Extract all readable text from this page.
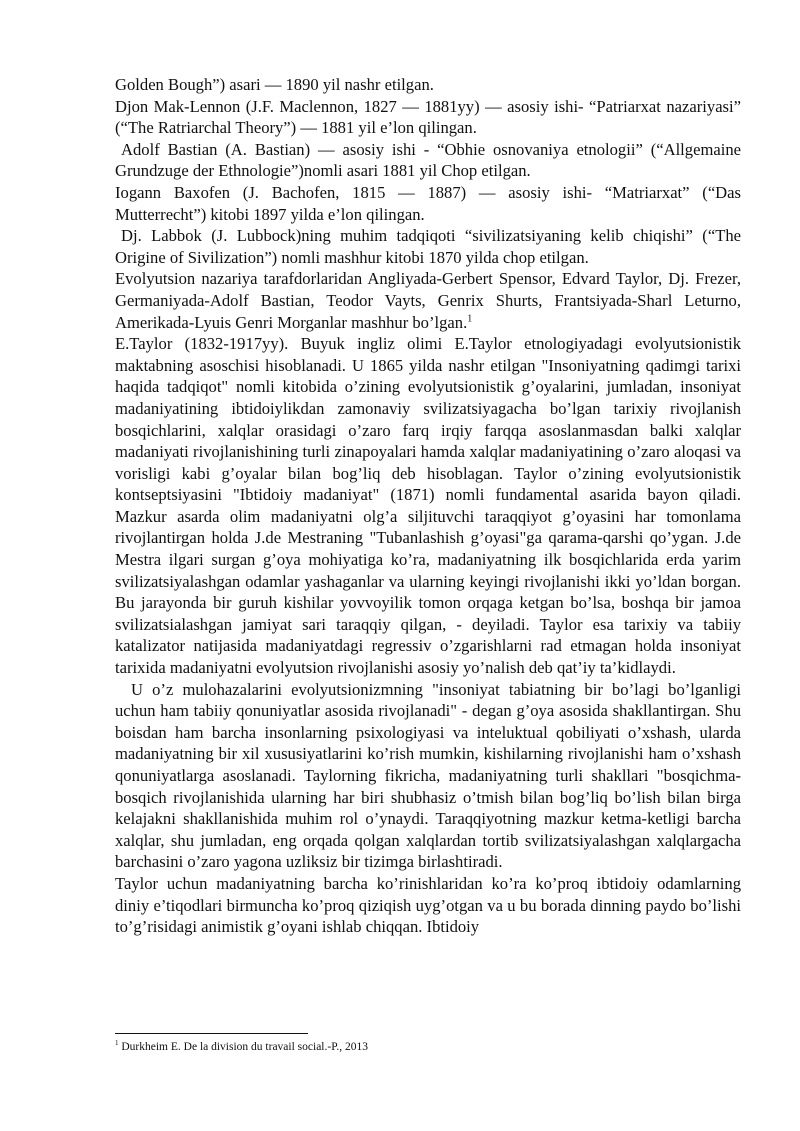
Golden Bough”) asari — 1890 yil nashr etilgan.

Djon Mak-Lennon (J.F. Maclennon, 1827 — 1881yy) — asosiy ishi- “Patriarxat nazariyasi” (“The Ratriarchal Theory”) — 1881 yil e’lon qilingan.

Adolf Bastian (A. Bastian) — asosiy ishi - “Obhie osnovaniya etnologii” (“Allgemaine Grundzuge der Ethnologie”)nomli asari 1881 yil Chop etilgan.

Iogann Baxofen (J. Bachofen, 1815 — 1887) — asosiy ishi- “Matriarxat” (“Das Mutterrecht”) kitobi 1897 yilda e’lon qilingan.

Dj. Labbok (J. Lubbock)ning muhim tadqiqoti “sivilizatsiyaning kelib chiqishi” (“The Origine of Sivilization”) nomli mashhur kitobi 1870 yilda chop etilgan.

Evolyutsion nazariya tarafdorlaridan Angliyada-Gerbert Spensor, Edvard Taylor, Dj. Frezer, Germaniyada-Adolf Bastian, Teodor Vayts, Genrix Shurts, Frantsiyada-Sharl Leturno, Amerikada-Lyuis Genri Morganlar mashhur bo’lgan.$^1$

E.Taylor (1832-1917yy). Buyuk ingliz olimi E.Taylor etnologiyadagi evolyutsionistik maktabning asoschisi hisoblanadi. U 1865 yilda nashr etilgan "Insoniyatning qadimgi tarixi haqida tadqiqot" nomli kitobida o’zining evolyutsionistik g’oyalarini, jumladan, insoniyat madaniyatining ibtidoiylikdan zamonaviy svilizatsiyagacha bo’lgan tarixiy rivojlanish bosqichlarini, xalqlar orasidagi o’zaro farq irqiy farqqa asoslanmasdan balki xalqlar madaniyati rivojlanishining turli zinapoyalari hamda xalqlar madaniyatining o’zaro aloqasi va vorisligi kabi g’oyalar bilan bog’liq deb hisoblagan. Taylor o’zining evolyutsionistik kontseptsiyasini "Ibtidoiy madaniyat" (1871) nomli fundamental asarida bayon qiladi. Mazkur asarda olim madaniyatni olg’a siljituvchi taraqqiyot g’oyasini har tomonlama rivojlantirgan holda J.de Mestraning "Tubanlashish g’oyasi"ga qarama-qarshi qo’ygan. J.de Mestra ilgari surgan g’oya mohiyatiga ko’ra, madaniyatning ilk bosqichlarida erda yarim svilizatsiyalashgan odamlar yashaganlar va ularning keyingi rivojlanishi ikki yo’ldan borgan. Bu jarayonda bir guruh kishilar yovvoyilik tomon orqaga ketgan bo’lsa, boshqa bir jamoa svilizatsialashgan jamiyat sari taraqqiy qilgan, - deyiladi. Taylor esa tarixiy va tabiiy katalizator natijasida madaniyatdagi regressiv o’zgarishlarni rad etmagan holda insoniyat tarixida madaniyatni evolyutsion rivojlanishi asosiy yo’nalish deb qat’iy ta’kidlaydi.

U o’z mulohazalarini evolyutsionizmning "insoniyat tabiatning bir bo’lagi bo’lganligi uchun ham tabiiy qonuniyatlar asosida rivojlanadi" - degan g’oya asosida shakllantirgan. Shu boisdan ham barcha insonlarning psixologiyasi va inteluktual qobiliyati o’xshash, ularda madaniyatning bir xil xususiyatlarini ko’rish mumkin, kishilarning rivojlanishi ham o’xshash qonuniyatlarga asoslanadi. Taylorning fikricha, madaniyatning turli shakllari "bosqichma-bosqich rivojlanishida ularning har biri shubhasiz o’tmish bilan bog’liq bo’lish bilan birga kelajakni shakllanishida muhim rol o’ynaydi. Taraqqiyotning mazkur ketma-ketligi barcha xalqlar, shu jumladan, eng orqada qolgan xalqlardan tortib svilizatsiyalashgan xalqlargacha barchasini o’zaro yagona uzliksiz bir tizimga birlashtiradi.

Taylor uchun madaniyatning barcha ko’rinishlaridan ko’ra ko’proq ibtidoiy odamlarning diniy e’tiqodlari birmuncha ko’proq qiziqish uyg’otgan va u bu borada dinning paydo bo’lishi to’g’risidagi animistik g’oyani ishlab chiqqan. Ibtidoiy

$^1$ Durkheim E. De la division du travail social.-P., 2013
